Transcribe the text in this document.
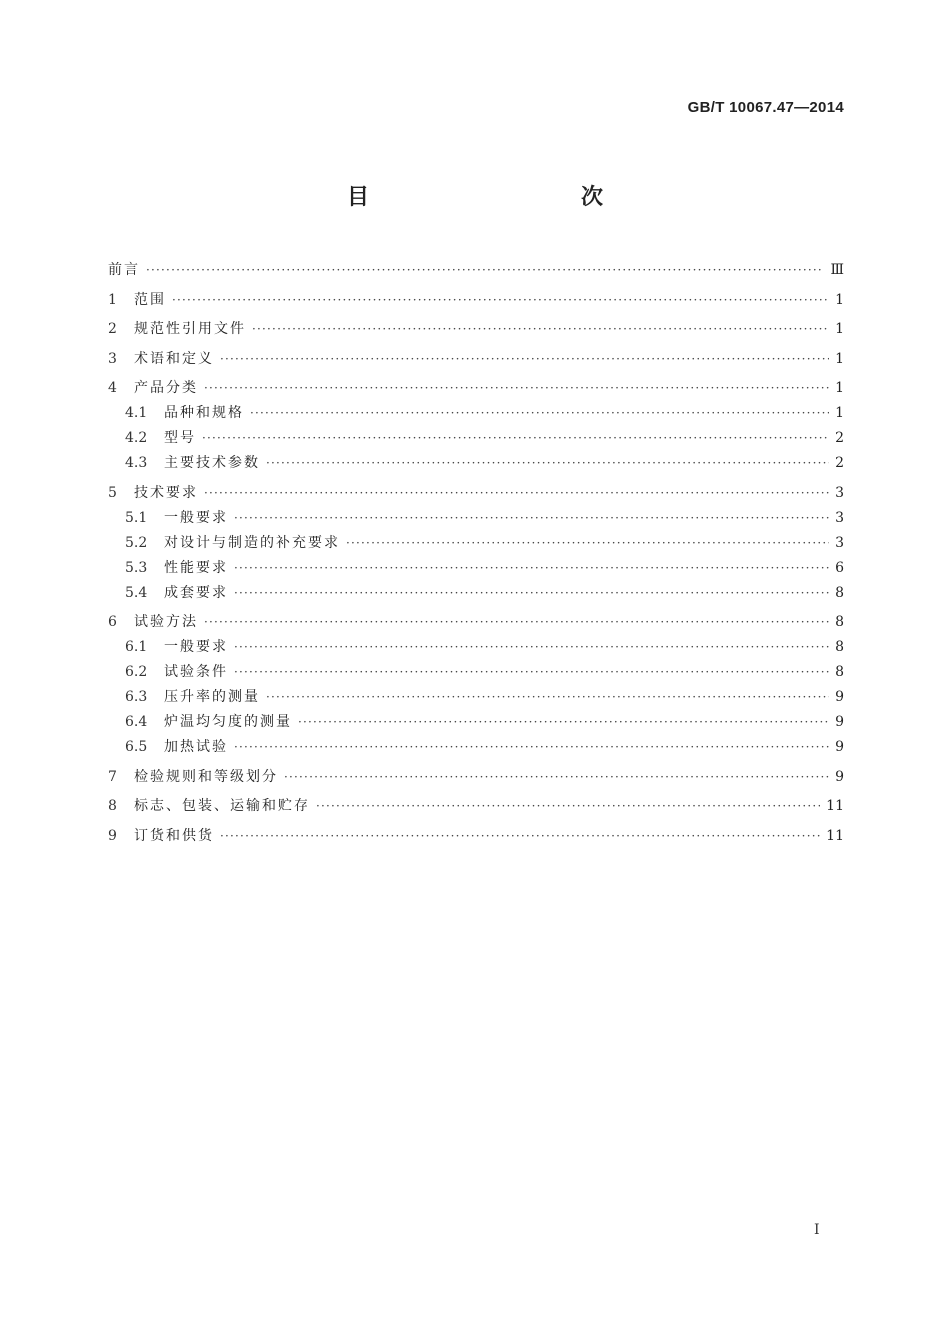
GB/T 10067.47—2014
目　　次
前言 ·····	Ⅲ
1	范围 ·····	1
2	规范性引用文件 ·····	1
3	术语和定义 ·····	1
4	产品分类 ·····	1
4.1	品种和规格 ·····	1
4.2	型号 ·····	2
4.3	主要技术参数 ·····	2
5	技术要求 ·····	3
5.1	一般要求 ·····	3
5.2	对设计与制造的补充要求 ·····	3
5.3	性能要求 ·····	6
5.4	成套要求 ·····	8
6	试验方法 ·····	8
6.1	一般要求 ·····	8
6.2	试验条件 ·····	8
6.3	压升率的测量 ·····	9
6.4	炉温均匀度的测量 ·····	9
6.5	加热试验 ·····	9
7	检验规则和等级划分 ·····	9
8	标志、包装、运输和贮存 ·····	11
9	订货和供货 ·····	11
Ⅰ
